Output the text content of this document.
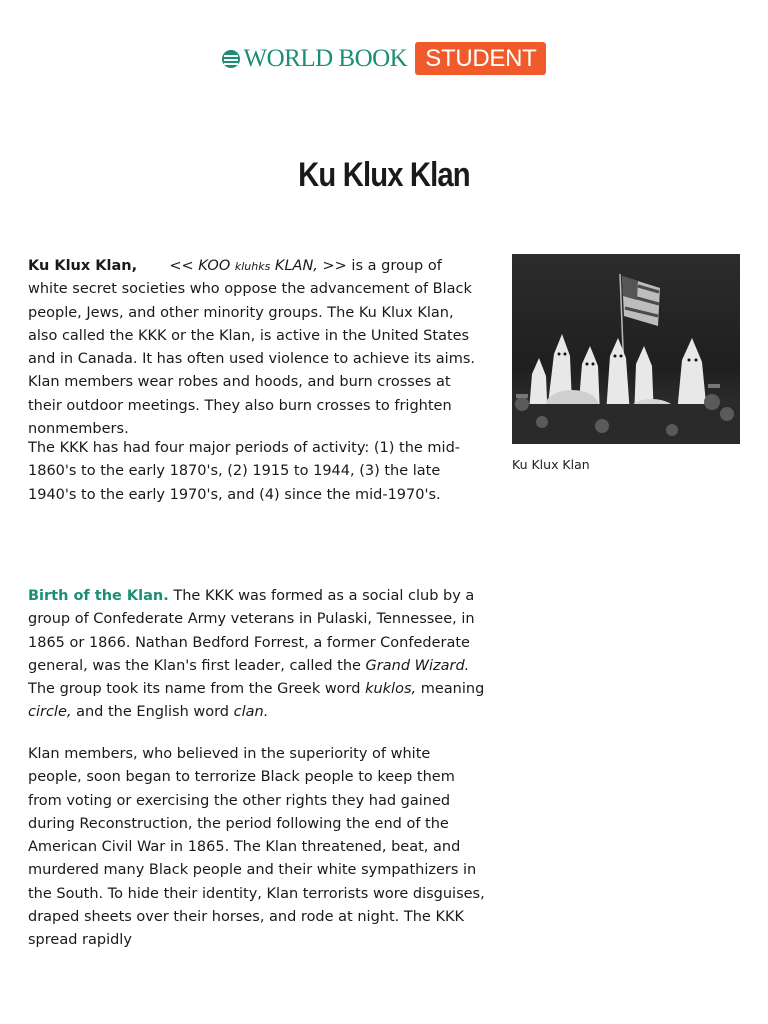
WORLD BOOK STUDENT
Ku Klux Klan

Ku Klux Klan, << KOO kluhks KLAN, >> is a group of white secret societies who oppose the advancement of Black people, Jews, and other minority groups. The Ku Klux Klan, also called the KKK or the Klan, is active in the United States and in Canada. It has often used violence to achieve its aims. Klan members wear robes and hoods, and burn crosses at their outdoor meetings. They also burn crosses to frighten nonmembers.

The KKK has had four major periods of activity: (1) the mid-1860's to the early 1870's, (2) 1915 to 1944, (3) the late 1940's to the early 1970's, and (4) since the mid-1970's.

Birth of the Klan. The KKK was formed as a social club by a group of Confederate Army veterans in Pulaski, Tennessee, in 1865 or 1866. Nathan Bedford Forrest, a former Confederate general, was the Klan's first leader, called the Grand Wizard. The group took its name from the Greek word kuklos, meaning circle, and the English word clan.

Klan members, who believed in the superiority of white people, soon began to terrorize Black people to keep them from voting or exercising the other rights they had gained during Reconstruction, the period following the end of the American Civil War in 1865. The Klan threatened, beat, and murdered many Black people and their white sympathizers in the South. To hide their identity, Klan terrorists wore disguises, draped sheets over their horses, and rode at night. The KKK spread rapidly

Ku Klux Klan
